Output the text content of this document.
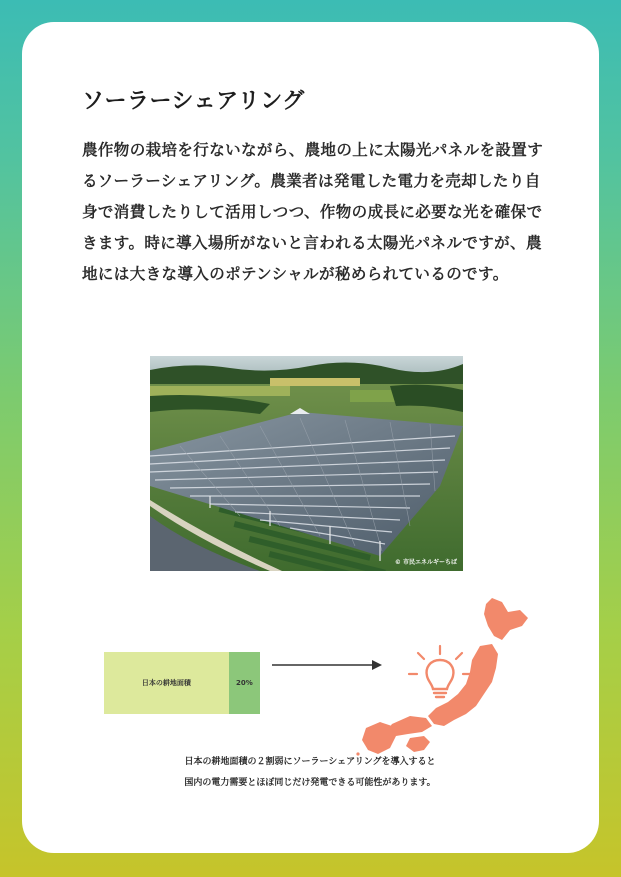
ソーラーシェアリング

農作物の栽培を行ないながら、農地の上に太陽光パネルを設置するソーラーシェアリング。農業者は発電した電力を売却したり自身で消費したりして活用しつつ、作物の成長に必要な光を確保できます。時に導入場所がないと言われる太陽光パネルですが、農地には大きな導入のポテンシャルが秘められているのです。

© 市民エネルギーちば
日本の耕地面積	20%

日本の耕地面積の２割弱にソーラーシェアリングを導入すると
国内の電力需要とほぼ同じだけ発電できる可能性があります。
